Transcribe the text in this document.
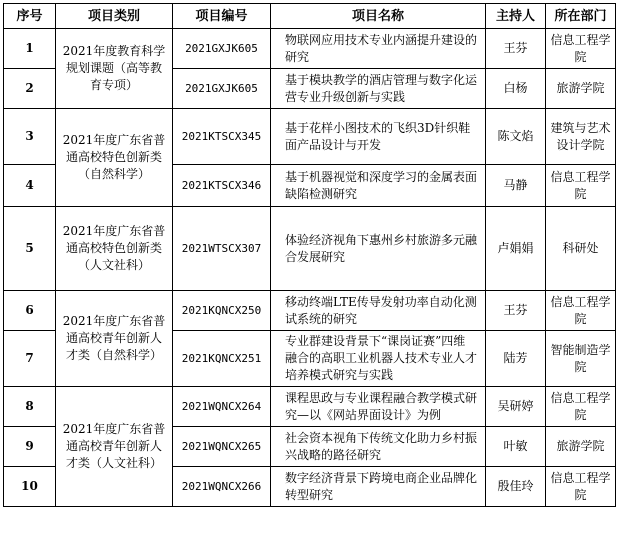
序号	项目类别	项目编号	项目名称	主持人	所在部门
1	2021年度教育科学规划课题（高等教育专项）	2021GXJK605	物联网应用技术专业内涵提升建设的研究	王芬	信息工程学院
2		2021GXJK605	基于模块教学的酒店管理与数字化运营专业升级创新与实践	白杨	旅游学院
3	2021年度广东省普通高校特色创新类（自然科学）	2021KTSCX345	基于花样小图技术的飞织3D针织鞋面产品设计与开发	陈文焰	建筑与艺术设计学院
4		2021KTSCX346	基于机器视觉和深度学习的金属表面缺陷检测研究	马静	信息工程学院
5	2021年度广东省普通高校特色创新类（人文社科）	2021WTSCX307	体验经济视角下惠州乡村旅游多元融合发展研究	卢娟娟	科研处
6	2021年度广东省普通高校青年创新人才类（自然科学）	2021KQNCX250	移动终端LTE传导发射功率自动化测试系统的研究	王芬	信息工程学院
7		2021KQNCX251	专业群建设背景下“课岗证赛”四维融合的高职工业机器人技术专业人才培养模式研究与实践	陆芳	智能制造学院
8	2021年度广东省普通高校青年创新人才类（人文社科）	2021WQNCX264	课程思政与专业课程融合教学模式研究—以《网站界面设计》为例	吴研婷	信息工程学院
9		2021WQNCX265	社会资本视角下传统文化助力乡村振兴战略的路径研究	叶敏	旅游学院
10		2021WQNCX266	数字经济背景下跨境电商企业品牌化转型研究	殷佳玲	信息工程学院
